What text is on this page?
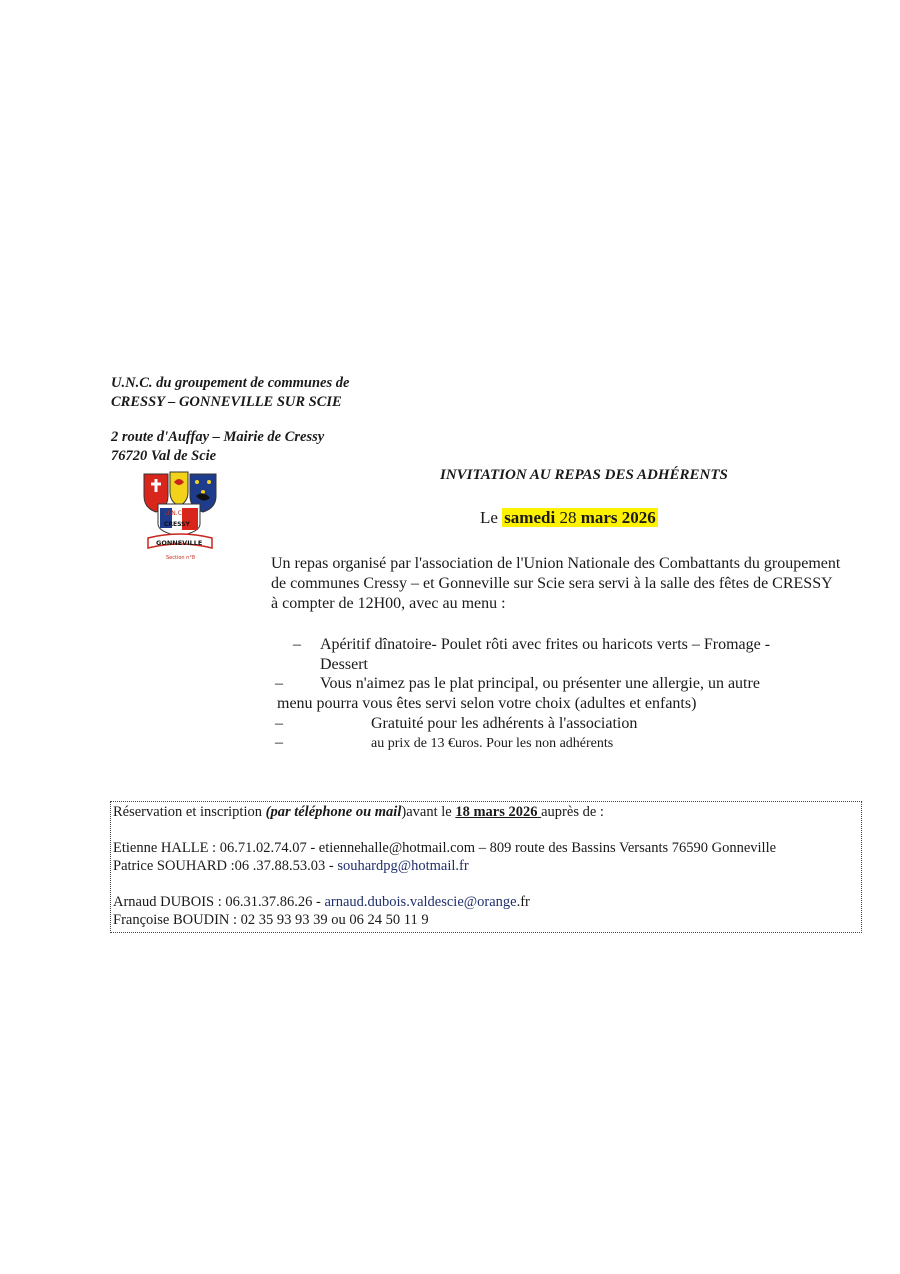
U.N.C. du groupement de communes de
CRESSY – GONNEVILLE SUR SCIE
2 route d'Auffay – Mairie de Cressy
76720 Val de Scie
U.N.C
CRESSY
GONNEVILLE
Section n°8
INVITATION AU REPAS DES ADHÉRENTS
Le samedi 28 mars 2026
Un repas organisé par l'association de l'Union Nationale des Combattants du groupement de communes Cressy – et Gonneville sur Scie sera servi à la salle des fêtes de CRESSY à compter de 12H00, avec au menu :
– Apéritif dînatoire- Poulet rôti avec frites ou haricots verts – Fromage - Dessert
– Vous n'aimez pas le plat principal, ou présenter une allergie, un autre
menu pourra vous êtes servi selon votre choix (adultes et enfants)
–	Gratuité pour les adhérents à l'association
–	au prix de 13 €uros. Pour les non adhérents
Réservation et inscription (par téléphone ou mail)avant le 18 mars 2026 auprès de :
Etienne HALLE : 06.71.02.74.07 - etiennehalle@hotmail.com – 809 route des Bassins Versants 76590 Gonneville
Patrice SOUHARD :06 .37.88.53.03 - souhardpg@hotmail.fr
Arnaud DUBOIS : 06.31.37.86.26 - arnaud.dubois.valdescie@orange.fr
Françoise BOUDIN : 02 35 93 93 39 ou 06 24 50 11 9
